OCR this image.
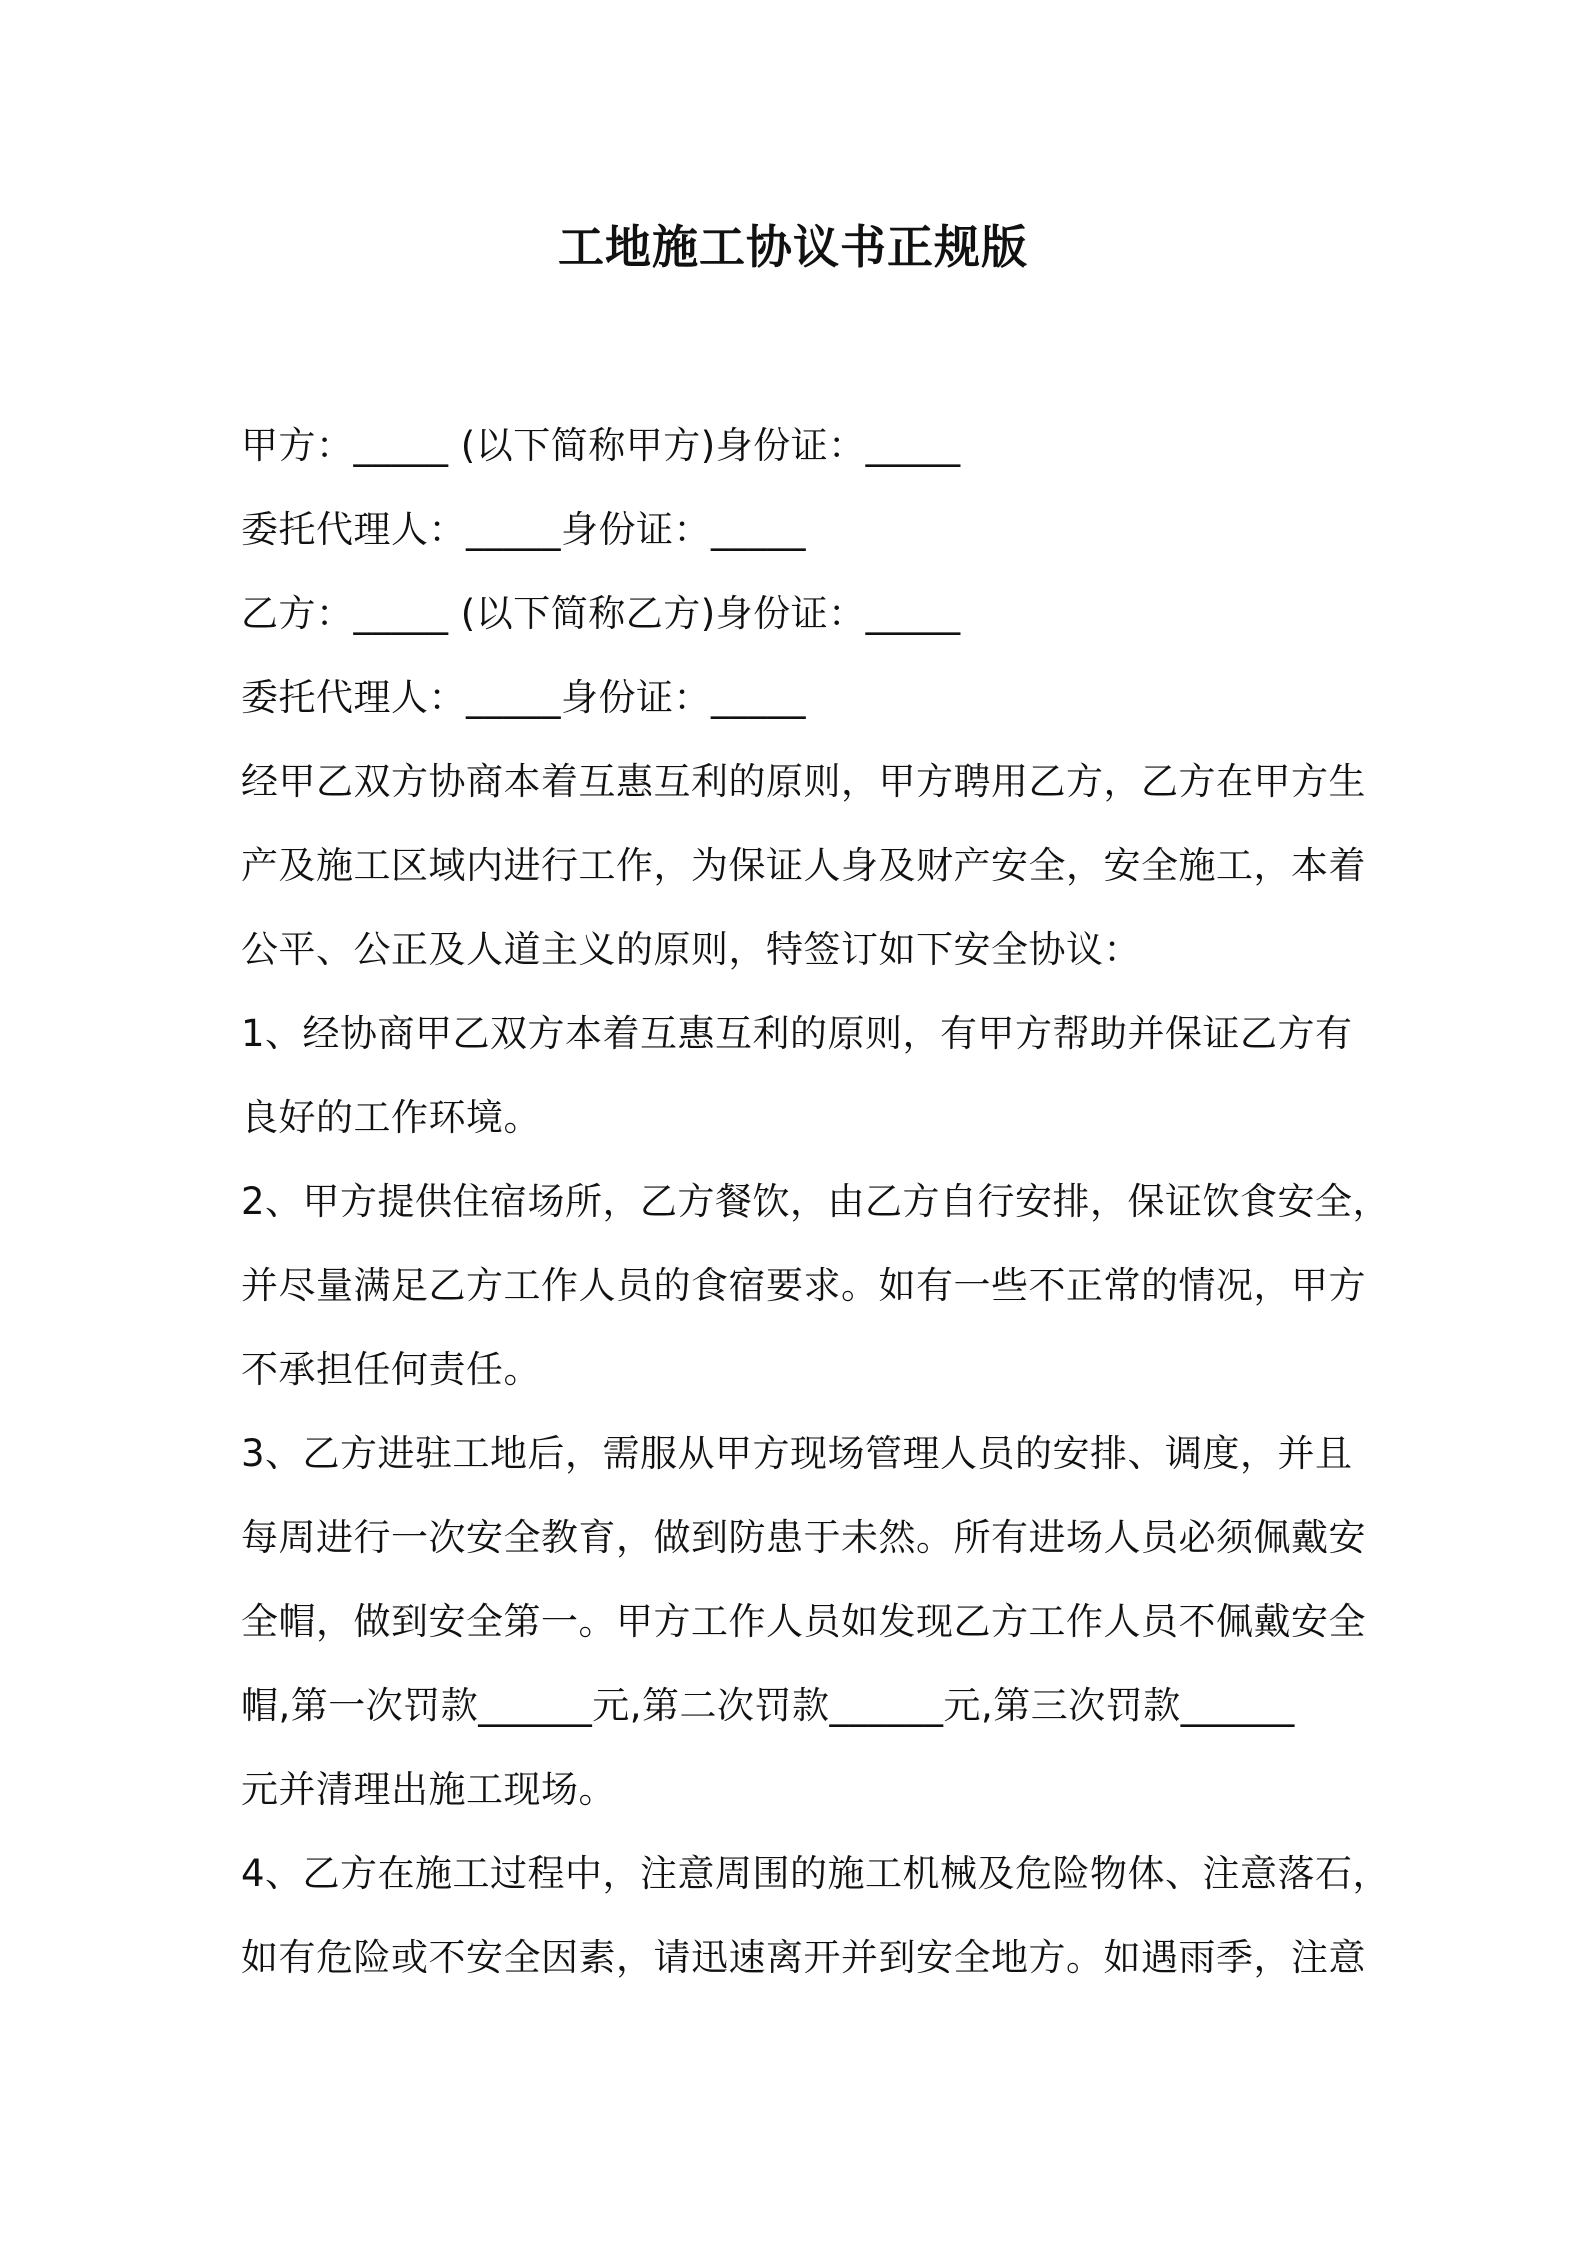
工地施工协议书正规版
甲方：_____ (以下简称甲方)身份证：_____
委托代理人：_____身份证：_____
乙方：_____ (以下简称乙方)身份证：_____
委托代理人：_____身份证：_____
经甲乙双方协商本着互惠互利的原则，甲方聘用乙方，乙方在甲方生
产及施工区域内进行工作，为保证人身及财产安全，安全施工，本着
公平、公正及人道主义的原则，特签订如下安全协议：
1、经协商甲乙双方本着互惠互利的原则，有甲方帮助并保证乙方有
良好的工作环境。
2、甲方提供住宿场所，乙方餐饮，由乙方自行安排，保证饮食安全，
并尽量满足乙方工作人员的食宿要求。如有一些不正常的情况，甲方
不承担任何责任。
3、乙方进驻工地后，需服从甲方现场管理人员的安排、调度，并且
每周进行一次安全教育，做到防患于未然。所有进场人员必须佩戴安
全帽，做到安全第一。甲方工作人员如发现乙方工作人员不佩戴安全
帽,第一次罚款______元,第二次罚款______元,第三次罚款______
元并清理出施工现场。
4、乙方在施工过程中，注意周围的施工机械及危险物体、注意落石，
如有危险或不安全因素，请迅速离开并到安全地方。如遇雨季，注意
